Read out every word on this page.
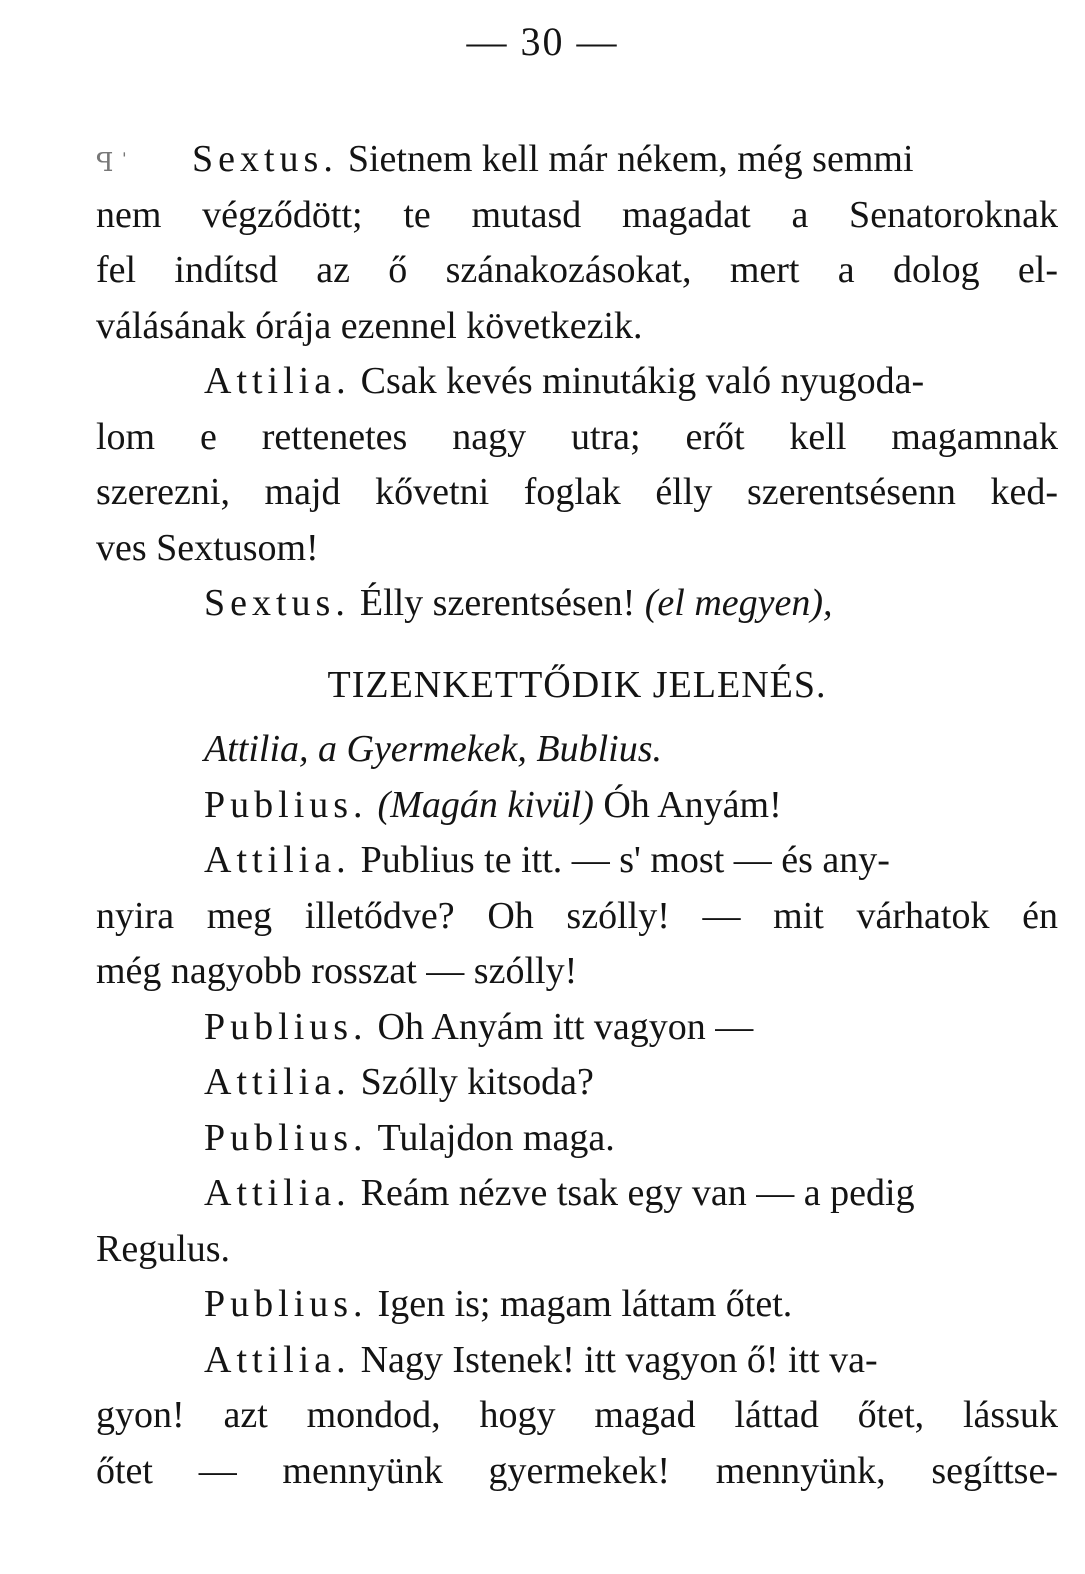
— 30 —
ꟼ ˈ Sextus. Sietnem kell már nékem, még semmi
nem végződött; te mutasd magadat a Senatoroknak
fel indítsd az ő szánakozásokat, mert a dolog el-
válásának órája ezennel következik.
Attilia. Csak kevés minutákig való nyugoda-
lom e rettenetes nagy utra; erőt kell magamnak
szerezni, majd kővetni foglak élly szerentsésenn ked-
ves Sextusom!
Sextus. Élly szerentsésen! (el megyen),
TIZENKETTŐDIK JELENÉS.
Attilia, a Gyermekek, Bublius.
Publius. (Magán kivül) Óh Anyám!
Attilia. Publius te itt. — s' most — és any-
nyira meg illetődve? Oh szólly! — mit várhatok én
még nagyobb rosszat — szólly!
Publius. Oh Anyám itt vagyon —
Attilia. Szólly kitsoda?
Publius. Tulajdon maga.
Attilia. Reám nézve tsak egy van — a pedig
Regulus.
Publius. Igen is; magam láttam őtet.
Attilia. Nagy Istenek! itt vagyon ő! itt va-
gyon! azt mondod, hogy magad láttad őtet, lássuk
őtet — mennyünk gyermekek! mennyünk, segíttse-
